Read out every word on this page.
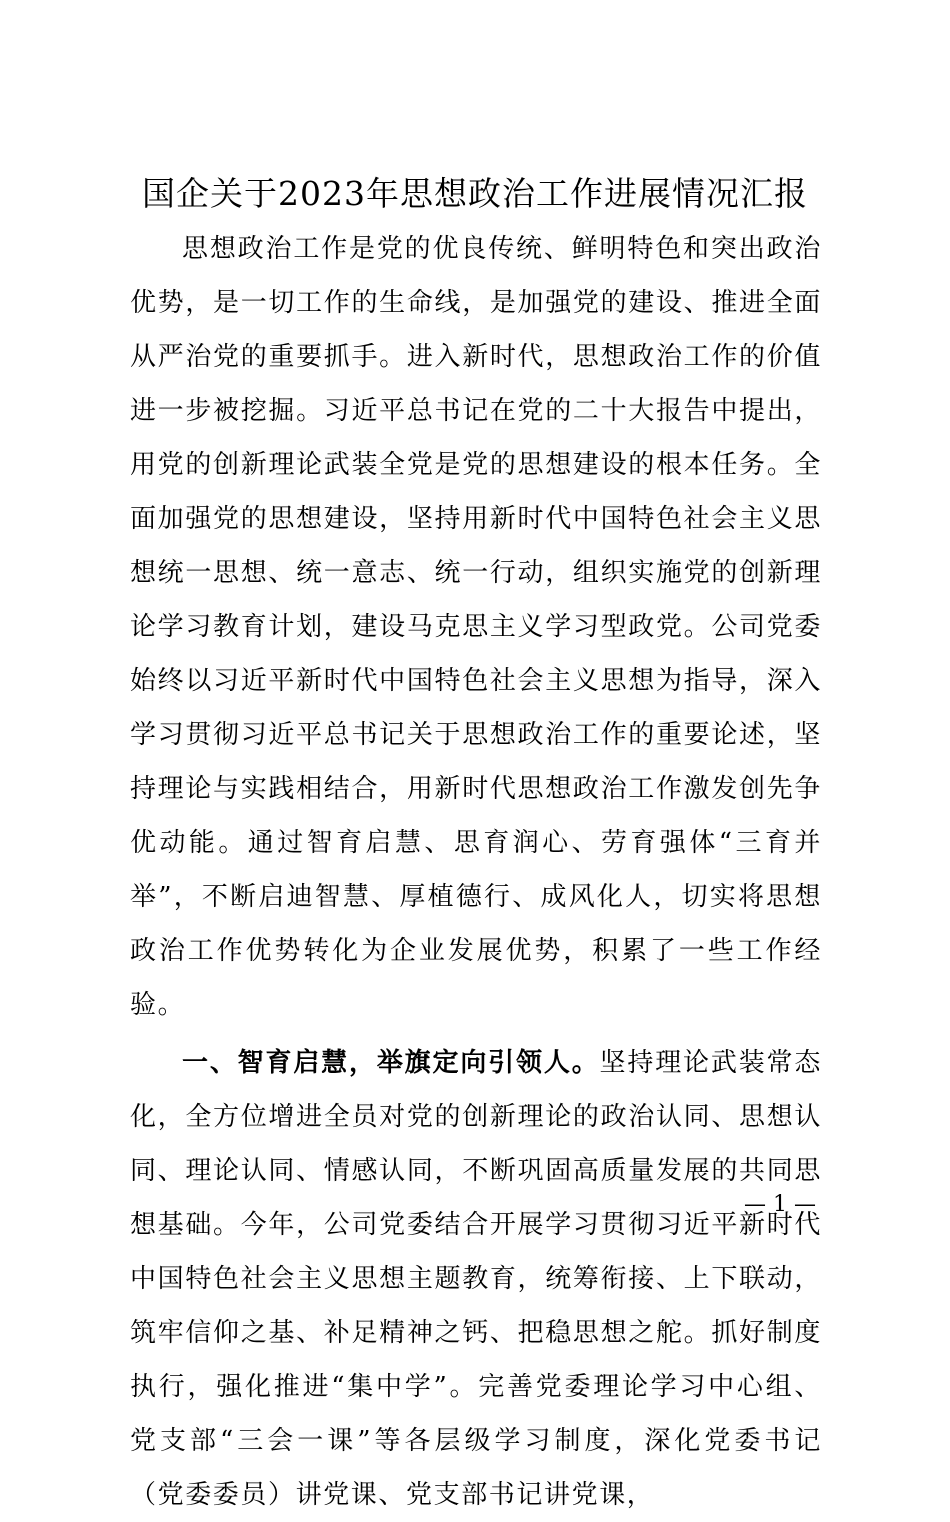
国企关于2023年思想政治工作进展情况汇报

思想政治工作是党的优良传统、鲜明特色和突出政治优势，是一切工作的生命线，是加强党的建设、推进全面从严治党的重要抓手。进入新时代，思想政治工作的价值进一步被挖掘。习近平总书记在党的二十大报告中提出，用党的创新理论武装全党是党的思想建设的根本任务。全面加强党的思想建设，坚持用新时代中国特色社会主义思想统一思想、统一意志、统一行动，组织实施党的创新理论学习教育计划，建设马克思主义学习型政党。公司党委始终以习近平新时代中国特色社会主义思想为指导，深入学习贯彻习近平总书记关于思想政治工作的重要论述，坚持理论与实践相结合，用新时代思想政治工作激发创先争优动能。通过智育启慧、思育润心、劳育强体“三育并举”，不断启迪智慧、厚植德行、成风化人，切实将思想政治工作优势转化为企业发展优势，积累了一些工作经验。

一、智育启慧，举旗定向引领人。坚持理论武装常态化，全方位增进全员对党的创新理论的政治认同、思想认同、理论认同、情感认同，不断巩固高质量发展的共同思想基础。今年，公司党委结合开展学习贯彻习近平新时代中国特色社会主义思想主题教育，统筹衔接、上下联动，筑牢信仰之基、补足精神之钙、把稳思想之舵。抓好制度执行，强化推进“集中学”。完善党委理论学习中心组、党支部“三会一课”等各层级学习制度，深化党委书记（党委委员）讲党课、党支部书记讲党课，

— 1 —
